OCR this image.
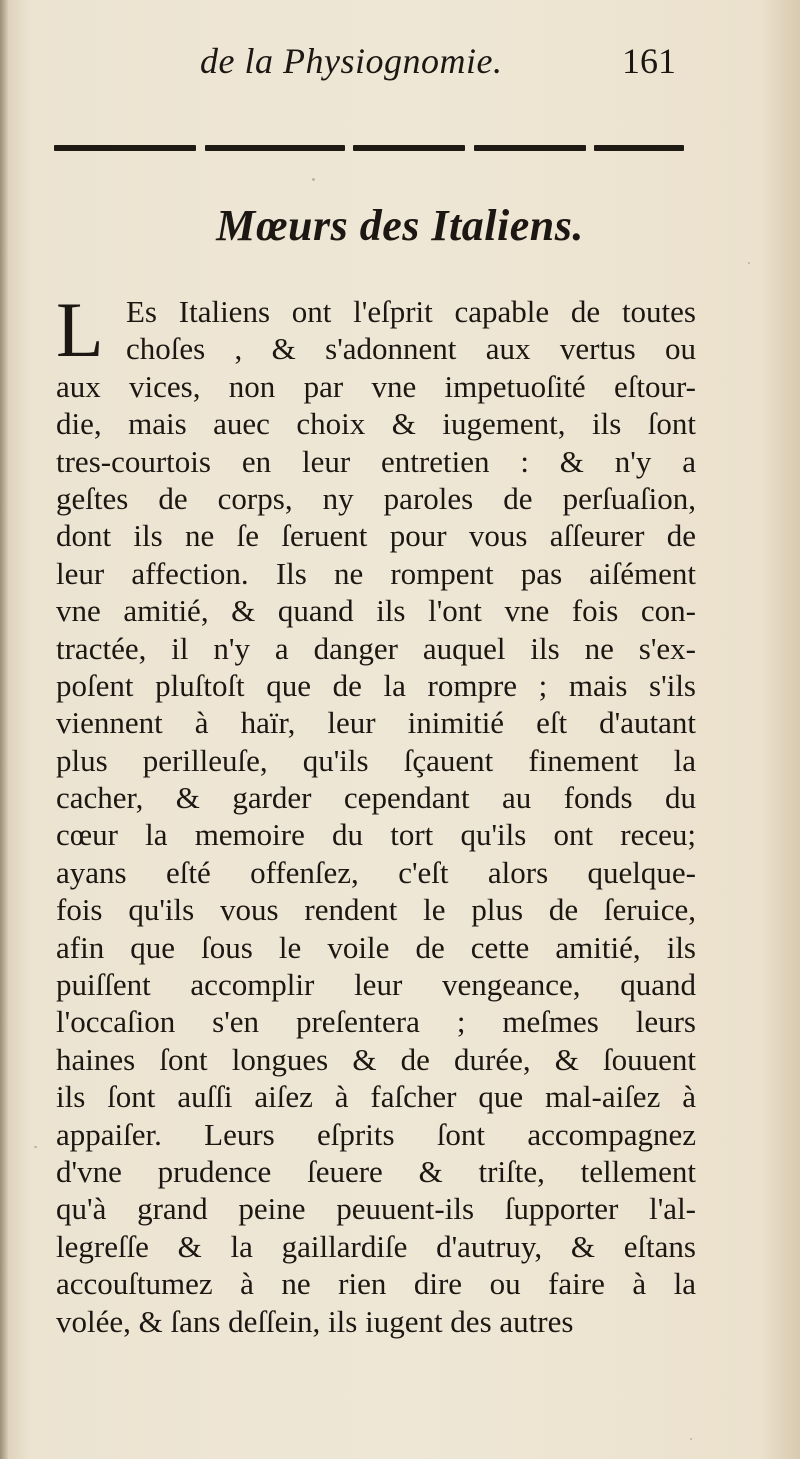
de la Physiognomie.	161
Mœurs des Italiens.
L Es Italiens ont l'eſprit capable de toutes
choſes , & s'adonnent aux vertus ou
aux vices, non par vne impetuoſité eſtour-
die, mais auec choix & iugement, ils ſont
tres-courtois en leur entretien : & n'y a
geſtes de corps, ny paroles de perſuaſion,
dont ils ne ſe ſeruent pour vous aſſeurer de
leur affection. Ils ne rompent pas aiſément
vne amitié, & quand ils l'ont vne fois con-
tractée, il n'y a danger auquel ils ne s'ex-
poſent pluſtoſt que de la rompre ; mais s'ils
viennent à haïr, leur inimitié eſt d'autant
plus perilleuſe, qu'ils ſçauent finement la
cacher, & garder cependant au fonds du
cœur la memoire du tort qu'ils ont receu;
ayans eſté offenſez, c'eſt alors quelque-
fois qu'ils vous rendent le plus de ſeruice,
afin que ſous le voile de cette amitié, ils
puiſſent accomplir leur vengeance, quand
l'occaſion s'en preſentera ; meſmes leurs
haines ſont longues & de durée, & ſouuent
ils ſont auſſi aiſez à faſcher que mal-aiſez à
appaiſer. Leurs eſprits ſont accompagnez
d'vne prudence ſeuere & triſte, tellement
qu'à grand peine peuuent-ils ſupporter l'al-
legreſſe & la gaillardiſe d'autruy, & eſtans
accouſtumez à ne rien dire ou faire à la
volée, & ſans deſſein, ils iugent des autres
